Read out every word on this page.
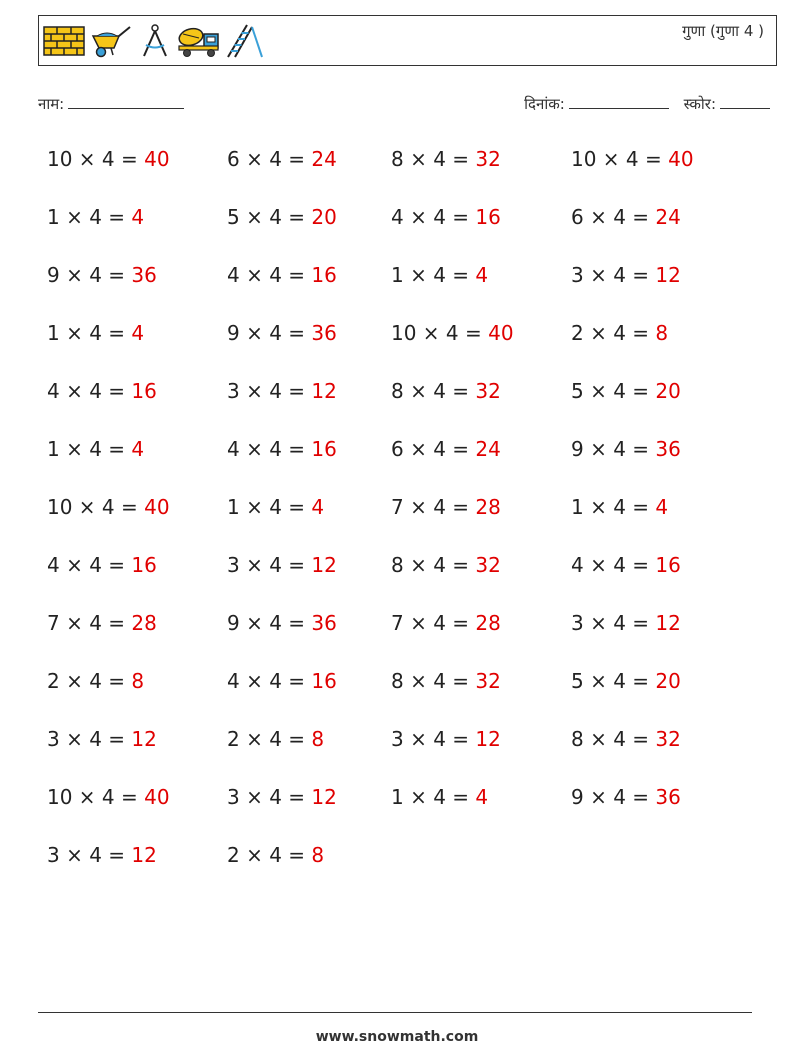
गुणा (गुणा 4 )
नाम:	दिनांक:	स्कोर:
10 × 4 = 40
1 × 4 = 4
9 × 4 = 36
1 × 4 = 4
4 × 4 = 16
1 × 4 = 4
10 × 4 = 40
4 × 4 = 16
7 × 4 = 28
2 × 4 = 8
3 × 4 = 12
10 × 4 = 40
3 × 4 = 12
6 × 4 = 24
5 × 4 = 20
4 × 4 = 16
9 × 4 = 36
3 × 4 = 12
4 × 4 = 16
1 × 4 = 4
3 × 4 = 12
9 × 4 = 36
4 × 4 = 16
2 × 4 = 8
3 × 4 = 12
2 × 4 = 8
8 × 4 = 32
4 × 4 = 16
1 × 4 = 4
10 × 4 = 40
8 × 4 = 32
6 × 4 = 24
7 × 4 = 28
8 × 4 = 32
7 × 4 = 28
8 × 4 = 32
3 × 4 = 12
1 × 4 = 4
10 × 4 = 40
6 × 4 = 24
3 × 4 = 12
2 × 4 = 8
5 × 4 = 20
9 × 4 = 36
1 × 4 = 4
4 × 4 = 16
3 × 4 = 12
5 × 4 = 20
8 × 4 = 32
9 × 4 = 36
www.snowmath.com
